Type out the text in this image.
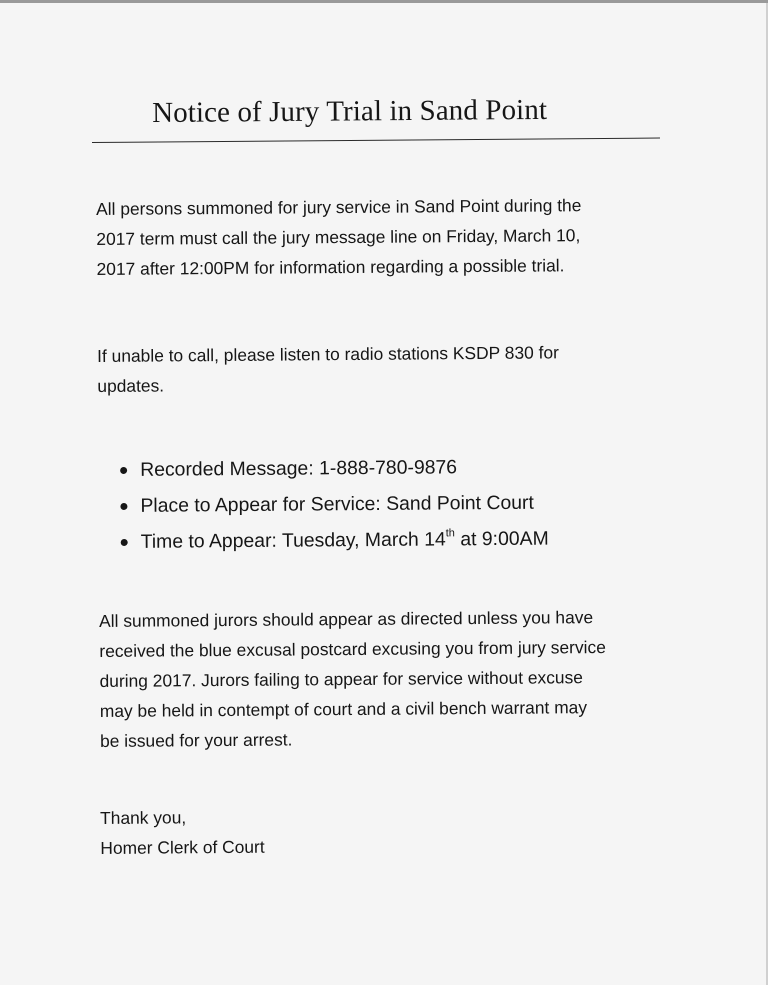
Notice of Jury Trial in Sand Point

All persons summoned for jury service in Sand Point during the
2017 term must call the jury message line on Friday, March 10,
2017 after 12:00PM for information regarding a possible trial.

If unable to call, please listen to radio stations KSDP 830 for
updates.

Recorded Message: 1-888-780-9876
Place to Appear for Service: Sand Point Court
Time to Appear: Tuesday, March 14th at 9:00AM

All summoned jurors should appear as directed unless you have
received the blue excusal postcard excusing you from jury service
during 2017. Jurors failing to appear for service without excuse
may be held in contempt of court and a civil bench warrant may
be issued for your arrest.

Thank you,
Homer Clerk of Court
